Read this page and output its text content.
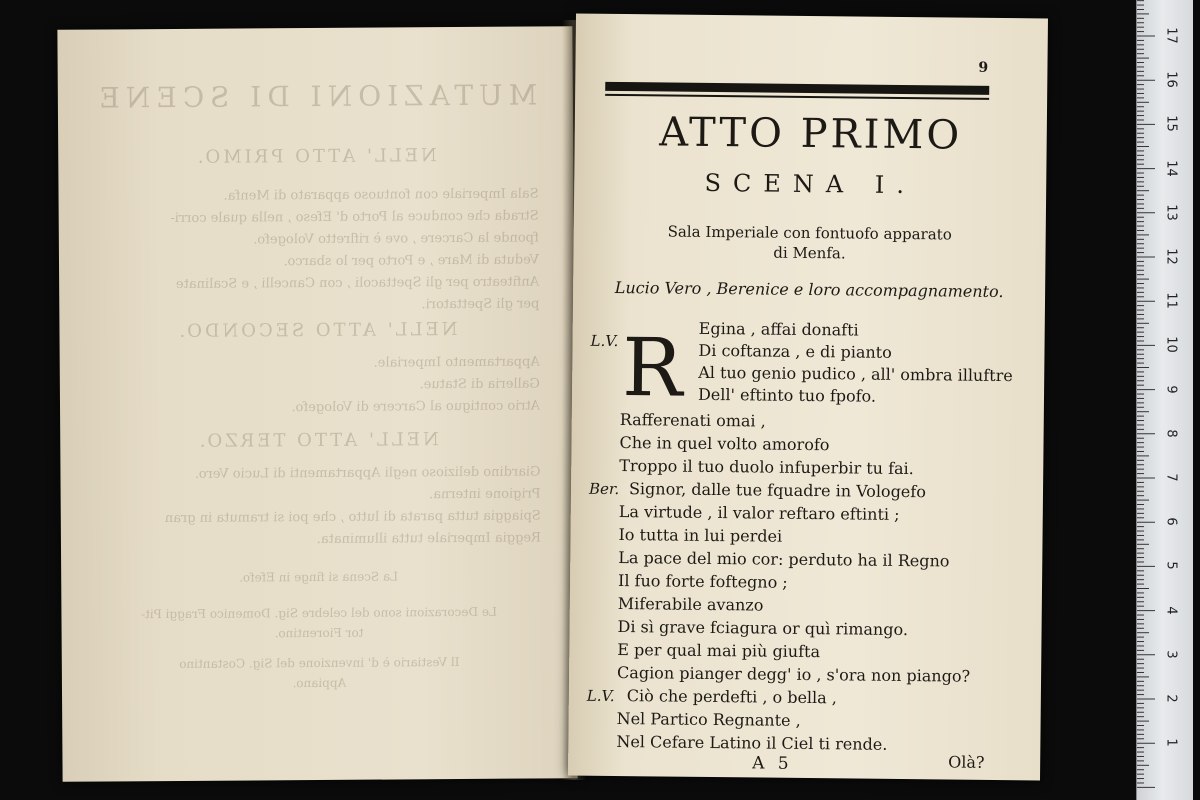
MUTAZIONI DI SCENE
NELL' ATTO PRIMO.
Sala Imperiale con fontuoso apparato di Menfa.
Strada che conduce al Porto d' Efeso , nella quale corri-
fponde la Carcere , ove è riflretto Vologefo.
Veduta di Mare , e Porto per lo sbarco.
Anfiteatro per gli Spettacoli , con Cancelli , e Scalinate
per gli Spettatori.
NELL' ATTO SECONDO.
Appartamento Imperiale.
Galleria di Statue.
Atrio contiguo al Carcere di Vologefo.
NELL' ATTO TERZO.
Giardino delizioso negli Appartamenti di Lucio Vero.
Prigione interna.
Spiaggia tutta parata di lutto , che poi si tramuta in gran
Reggia Imperiale tutta illuminata.
La Scena si finge in Efefo.
Le Decorazioni sono del celebre Sig. Domenico Fraggi Pit-
tor Fiorentino.
Il Vestiario è d' invenzione del Sig. Costantino
Appiano.
9
ATTO PRIMO
SCENA I.
Sala Imperiale con fontuofo apparato
di Menfa.
Lucio Vero , Berenice e loro accompagnamento.
R
L.V.
Egina , affai donafti
Di coftanza , e di pianto
Al tuo genio pudico , all' ombra illuftre
Dell' eftinto tuo fpofo.
Rafferenati omai ,
Che in quel volto amorofo
Troppo il tuo duolo infuperbir tu fai.
Ber. Signor, dalle tue fquadre in Vologefo
La virtude , il valor reftaro eftinti ;
Io tutta in lui perdei
La pace del mio cor: perduto ha il Regno
Il fuo forte foftegno ;
Miferabile avanzo
Di sì grave fciagura or quì rimango.
E per qual mai più giufta
Cagion pianger degg' io , s'ora non piango?
L.V. Ciò che perdefti , o bella ,
Nel Partico Regnante ,
Nel Cefare Latino il Ciel ti rende.
A 5	Olà?
17
16
15
14
13
12
11
10
9
8
7
6
5
4
3
2
1
